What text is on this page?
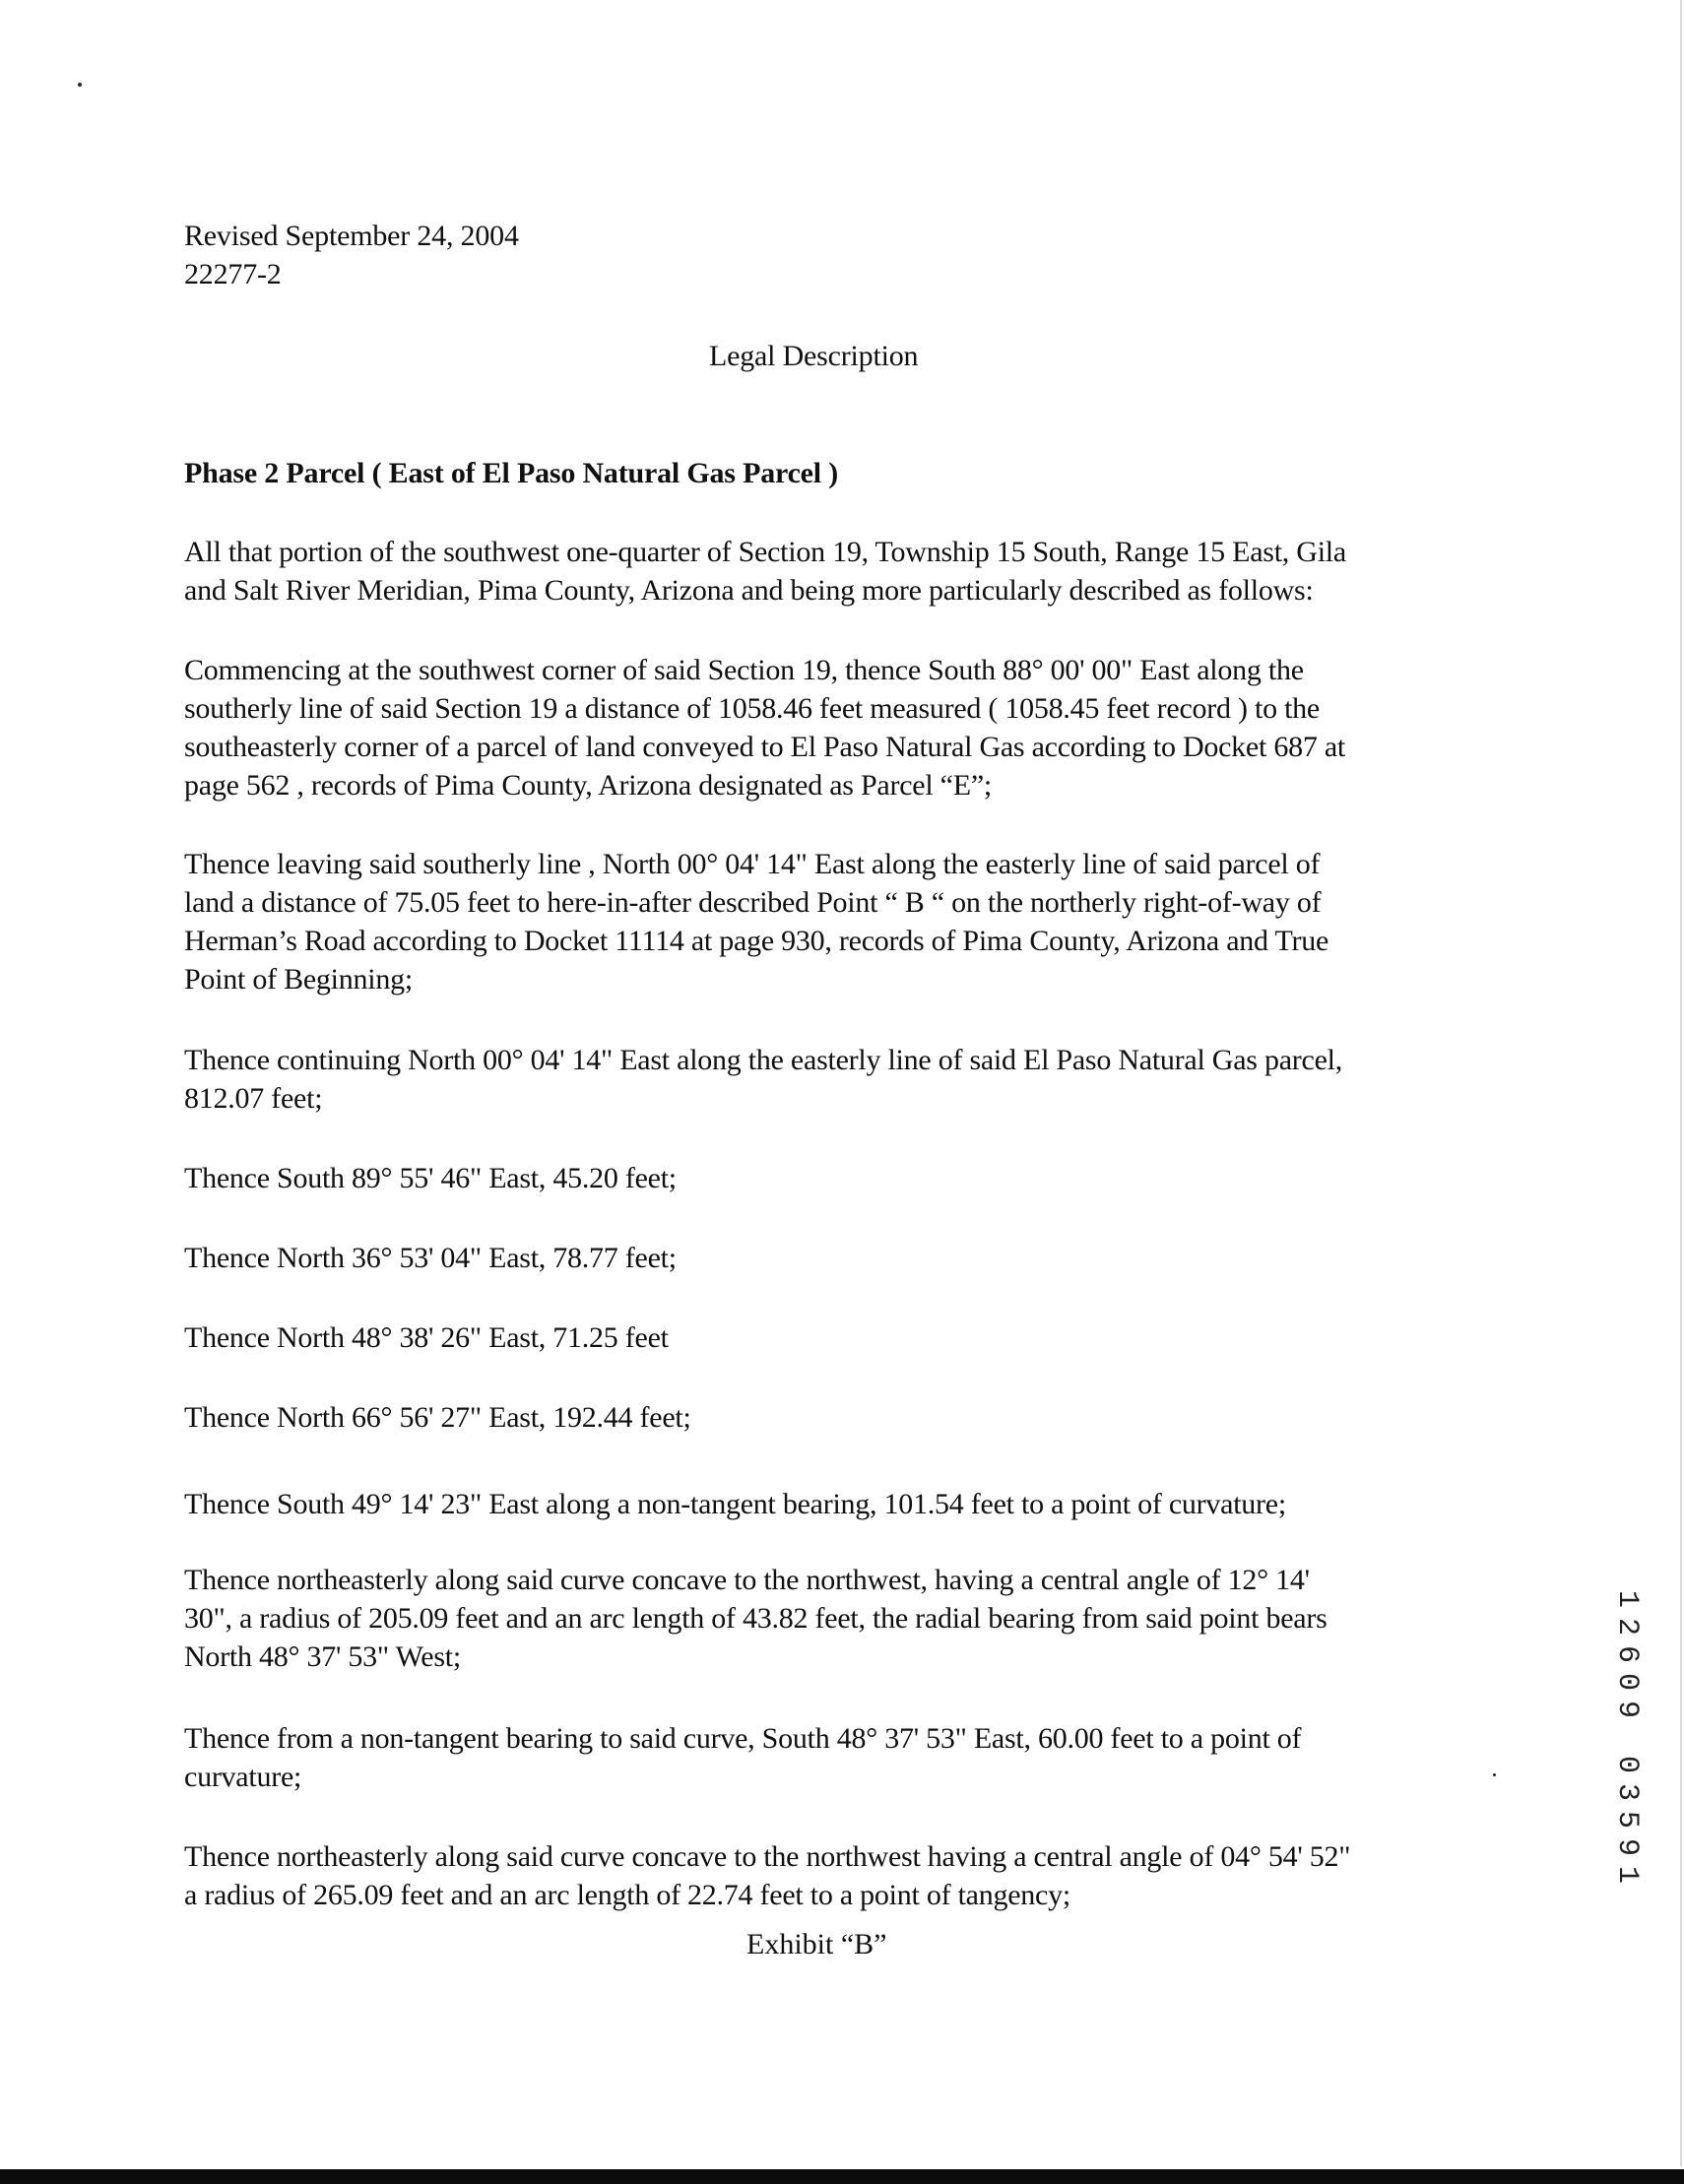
Revised September 24, 2004
22277-2
Legal Description
Phase 2 Parcel ( East of El Paso Natural Gas Parcel )
All that portion of the southwest one-quarter of Section 19, Township 15 South, Range 15 East, Gila
and Salt River Meridian, Pima County, Arizona and being more particularly described as follows:
Commencing at the southwest corner of said Section 19, thence South 88° 00' 00" East along the
southerly line of said Section 19 a distance of 1058.46 feet measured ( 1058.45 feet record ) to the
southeasterly corner of a parcel of land conveyed to El Paso Natural Gas according to Docket 687 at
page 562 , records of Pima County, Arizona designated as Parcel “E”;
Thence leaving said southerly line , North 00° 04' 14" East along the easterly line of said parcel of
land a distance of 75.05 feet to here-in-after described Point “ B “ on the northerly right-of-way of
Herman’s Road according to Docket 11114 at page 930, records of Pima County, Arizona and True
Point of Beginning;
Thence continuing North 00° 04' 14" East along the easterly line of said El Paso Natural Gas parcel,
812.07 feet;
Thence South 89° 55' 46" East, 45.20 feet;
Thence North 36° 53' 04" East, 78.77 feet;
Thence North 48° 38' 26" East, 71.25 feet
Thence North 66° 56' 27" East, 192.44 feet;
Thence South 49° 14' 23" East along a non-tangent bearing, 101.54 feet to a point of curvature;
Thence northeasterly along said curve concave to the northwest, having a central angle of 12° 14'
30", a radius of 205.09 feet and an arc length of 43.82 feet, the radial bearing from said point bears
North 48° 37' 53" West;
Thence from a non-tangent bearing to said curve, South 48° 37' 53" East, 60.00 feet to a point of
curvature;
Thence northeasterly along said curve concave to the northwest having a central angle of 04° 54' 52"
a radius of 265.09 feet and an arc length of 22.74 feet to a point of tangency;
Exhibit “B”
1
2
6
0
9
0
3
5
9
1
